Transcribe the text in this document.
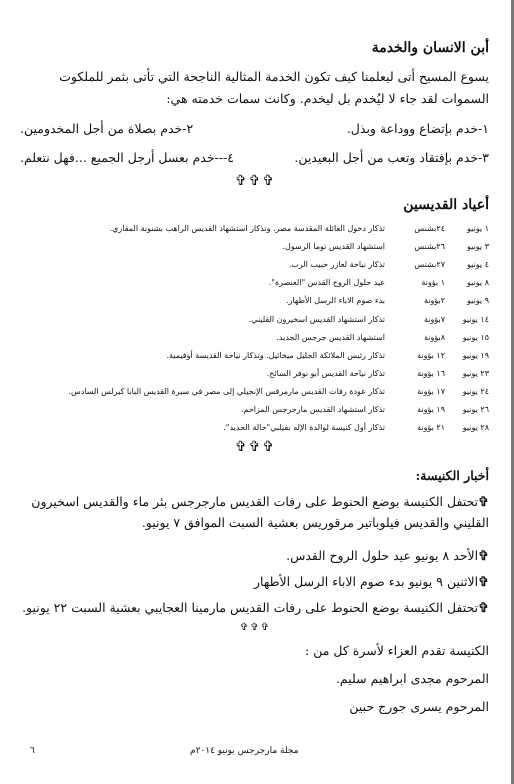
أبن الانسان والخدمة
يسوع المسيح أتى ليعلمنا كيف تكون الخدمة المثالية الناجحة التي تأتى بثمر للملكوت السموات لقد جاء لا ليُخدم بل ليخدم. وكانت سمات خدمته هي:
١-خدم بإتضاع ووداعة وبذل.
٢-خدم بصلاة من أجل المخدومين.
٣-خدم بإفتقاد وتعب من أجل البعيدين.
٤---خدم بعسل أرجل الجميع ...فهل نتعلم.
✞✞✞
أعياد القديسين
١ يونيو
٢٤بشنس
تذكار دخول العائلة المقدسة مصر. وتذكار استشهاد القديس الراهب بشنونة المقاري.
٣ يونيو
٢٦بشنس
استشهاد القديس توما الرسول.
٤ يونيو
٢٧بشنس
تذكار نياحة لعازر حبيب الرب.
٨ يونيو
١ بؤونة
عيد حلول الروح القدس "العنصرة".
٩ يونيو
٢بؤونة
بدء صوم الاباء الرسل الأطهار.
١٤ يونيو
٧بؤونة
تذكار استشهاد القديس اسخيرون القليني.
١٥ يونيو
٨بؤونة
استشهاد القديس جرجس الجديد.
١٩ يونيو
١٢ بؤونة
تذكار رئيس الملائكة الجليل ميخائيل. وتذكار نياحة القديسة أوفيمية.
٢٣ يونيو
١٦ بؤونة
تذكار نياحة القديس أبو نوفر السائح.
٢٤ يونيو
١٧ بؤونة
تذكار عودة رفات القديس مارمرقس الإنجيلي إلى مصر في سيرة القديس البابا كيرلس السادس.
٢٦ يونيو
١٩ بؤونة
تذكار استشهاد القديس مارجرجس المزاحم.
٢٨ يونيو
٢١ بؤونة
تذكار أول كنيسة لوالدة الإله بفيلبي"حالة الحديد".
✞✞✞
أخبار الكنيسة:
✞تحتفل الكنيسة بوضع الحنوط على رفات القديس مارجرجس بئر ماء والقديس اسخيرون القليني والقديس فيلوباتير مرقوريس بعشية السبت الموافق ٧ يونيو.
✞الأحد ٨ يونيو عيد حلول الروح القدس.
✞الاثنين ٩ يونيو بدء صوم الاباء الرسل الأطهار
✞تحتفل الكنيسة بوضع الحنوط على رفات القديس مارمينا العجايبي بعشية السبت ٢٢ يونيو.
✞✞✞
الكنيسة تقدم العزاء لأسرة كل من :
المرحوم مجدى ابراهيم سليم.
المرحوم يسرى جورج حبين
٦	مجلة مارجرجس يونيو ٢٠١٤م
